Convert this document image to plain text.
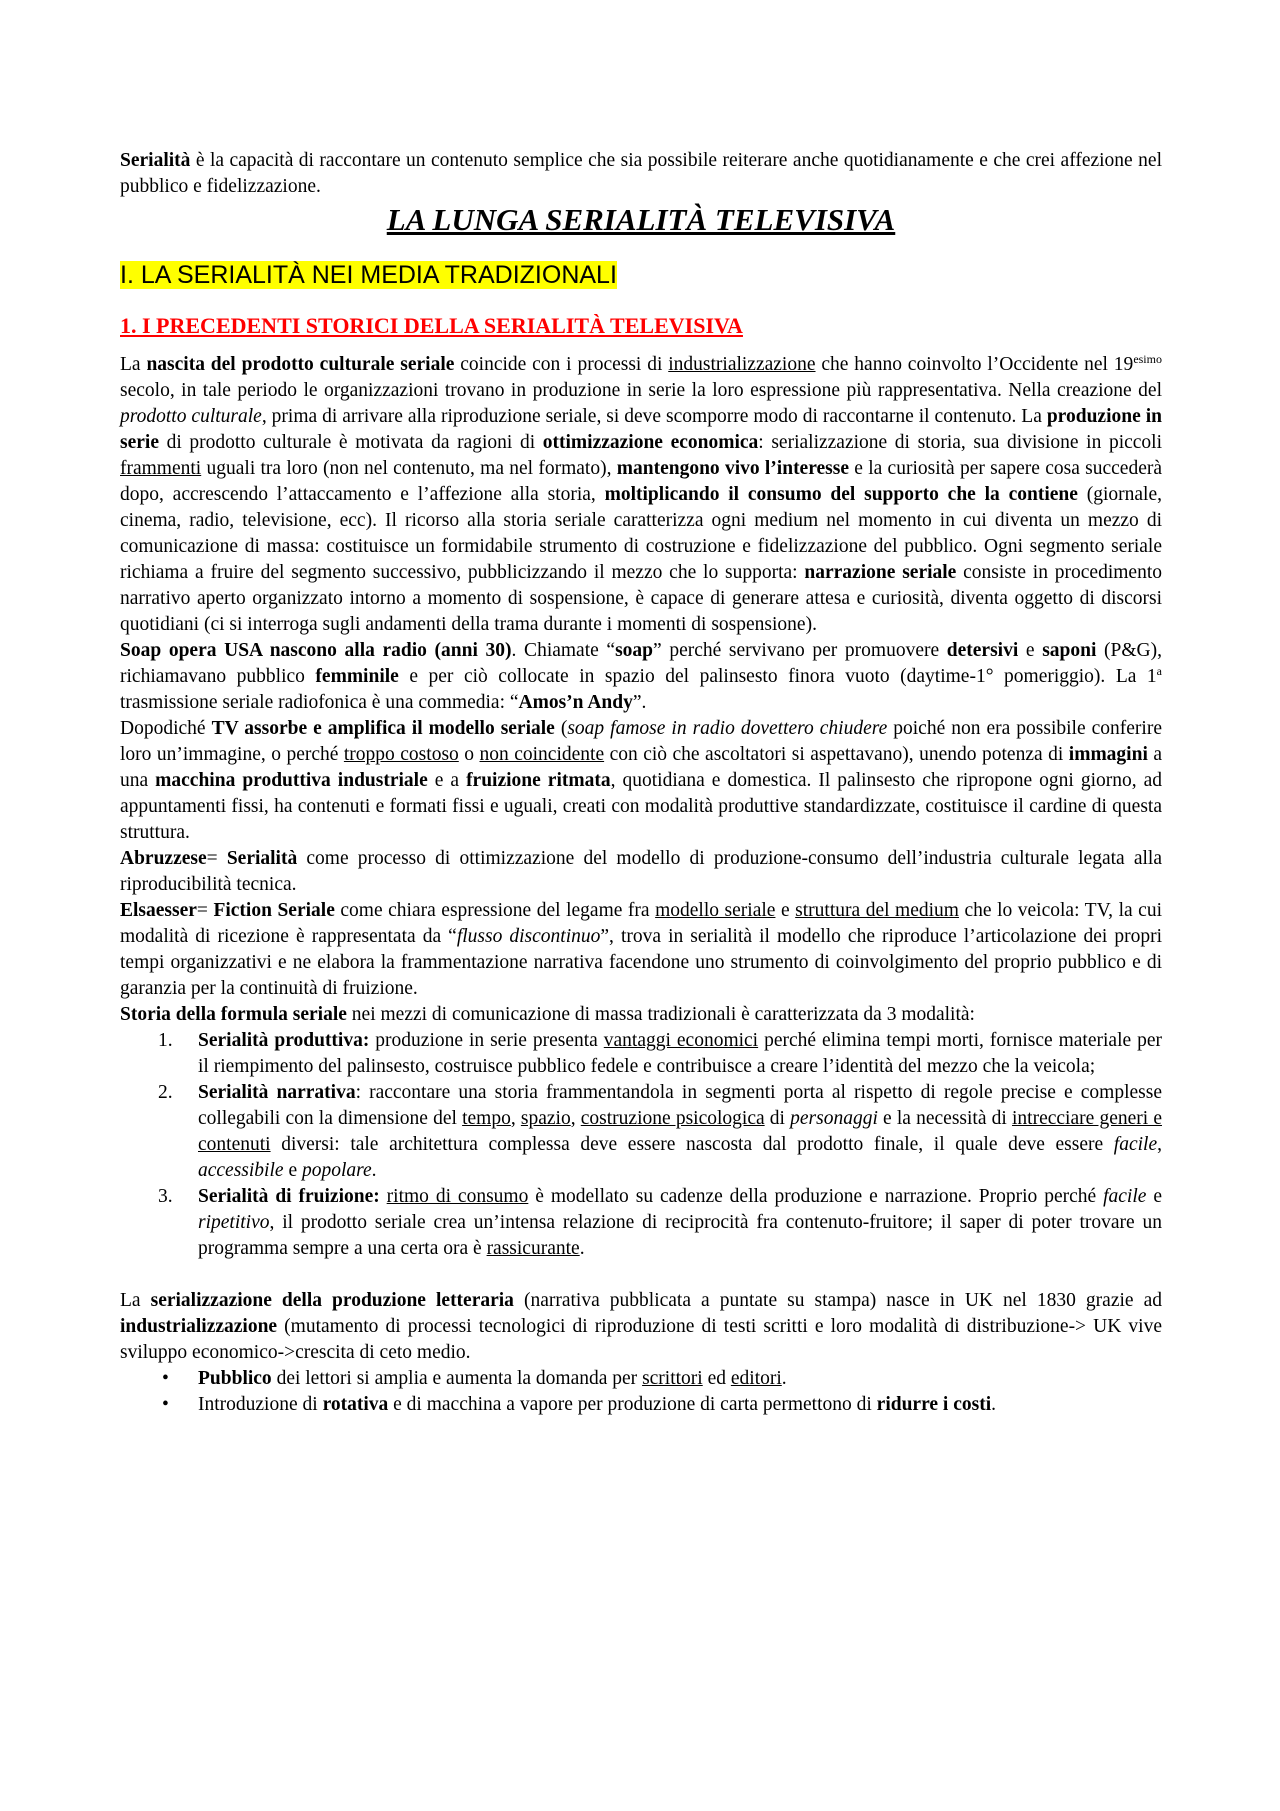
Serialità è la capacità di raccontare un contenuto semplice che sia possibile reiterare anche quotidianamente e che crei affezione nel pubblico e fidelizzazione.

LA LUNGA SERIALITÀ TELEVISIVA
I. LA SERIALITÀ NEI MEDIA TRADIZIONALI
1. I PRECEDENTI STORICI DELLA SERIALITÀ TELEVISIVA

La nascita del prodotto culturale seriale coincide con i processi di industrializzazione che hanno coinvolto l’Occidente nel $19^{esimo}$ secolo, in tale periodo le organizzazioni trovano in produzione in serie la loro espressione più rappresentativa. Nella creazione del prodotto culturale, prima di arrivare alla riproduzione seriale, si deve scomporre modo di raccontarne il contenuto. La produzione in serie di prodotto culturale è motivata da ragioni di ottimizzazione economica: serializzazione di storia, sua divisione in piccoli frammenti uguali tra loro (non nel contenuto, ma nel formato), mantengono vivo l’interesse e la curiosità per sapere cosa succederà dopo, accrescendo l’attaccamento e l’affezione alla storia, moltiplicando il consumo del supporto che la contiene (giornale, cinema, radio, televisione, ecc). Il ricorso alla storia seriale caratterizza ogni medium nel momento in cui diventa un mezzo di comunicazione di massa: costituisce un formidabile strumento di costruzione e fidelizzazione del pubblico. Ogni segmento seriale richiama a fruire del segmento successivo, pubblicizzando il mezzo che lo supporta: narrazione seriale consiste in procedimento narrativo aperto organizzato intorno a momento di sospensione, è capace di generare attesa e curiosità, diventa oggetto di discorsi quotidiani (ci si interroga sugli andamenti della trama durante i momenti di sospensione).

Soap opera USA nascono alla radio (anni 30). Chiamate “soap” perché servivano per promuovere detersivi e saponi (P&G), richiamavano pubblico femminile e per ciò collocate in spazio del palinsesto finora vuoto (daytime-1° pomeriggio). La 1$^a$ trasmissione seriale radiofonica è una commedia: “Amos’n Andy”.

Dopodiché TV assorbe e amplifica il modello seriale (soap famose in radio dovettero chiudere poiché non era possibile conferire loro un’immagine, o perché troppo costoso o non coincidente con ciò che ascoltatori si aspettavano), unendo potenza di immagini a una macchina produttiva industriale e a fruizione ritmata, quotidiana e domestica. Il palinsesto che ripropone ogni giorno, ad appuntamenti fissi, ha contenuti e formati fissi e uguali, creati con modalità produttive standardizzate, costituisce il cardine di questa struttura.

Abruzzese= Serialità come processo di ottimizzazione del modello di produzione-consumo dell’industria culturale legata alla riproducibilità tecnica.

Elsaesser= Fiction Seriale come chiara espressione del legame fra modello seriale e struttura del medium che lo veicola: TV, la cui modalità di ricezione è rappresentata da “flusso discontinuo”, trova in serialità il modello che riproduce l’articolazione dei propri tempi organizzativi e ne elabora la frammentazione narrativa facendone uno strumento di coinvolgimento del proprio pubblico e di garanzia per la continuità di fruizione.

Storia della formula seriale nei mezzi di comunicazione di massa tradizionali è caratterizzata da 3 modalità:

1. Serialità produttiva: produzione in serie presenta vantaggi economici perché elimina tempi morti, fornisce materiale per il riempimento del palinsesto, costruisce pubblico fedele e contribuisce a creare l’identità del mezzo che la veicola;
2. Serialità narrativa: raccontare una storia frammentandola in segmenti porta al rispetto di regole precise e complesse collegabili con la dimensione del tempo, spazio, costruzione psicologica di personaggi e la necessità di intrecciare generi e contenuti diversi: tale architettura complessa deve essere nascosta dal prodotto finale, il quale deve essere facile, accessibile e popolare.
3. Serialità di fruizione: ritmo di consumo è modellato su cadenze della produzione e narrazione. Proprio perché facile e ripetitivo, il prodotto seriale crea un’intensa relazione di reciprocità fra contenuto-fruitore; il saper di poter trovare un programma sempre a una certa ora è rassicurante.

La serializzazione della produzione letteraria (narrativa pubblicata a puntate su stampa) nasce in UK nel 1830 grazie ad industrializzazione (mutamento di processi tecnologici di riproduzione di testi scritti e loro modalità di distribuzione-> UK vive sviluppo economico->crescita di ceto medio.

• Pubblico dei lettori si amplia e aumenta la domanda per scrittori ed editori.
• Introduzione di rotativa e di macchina a vapore per produzione di carta permettono di ridurre i costi.
